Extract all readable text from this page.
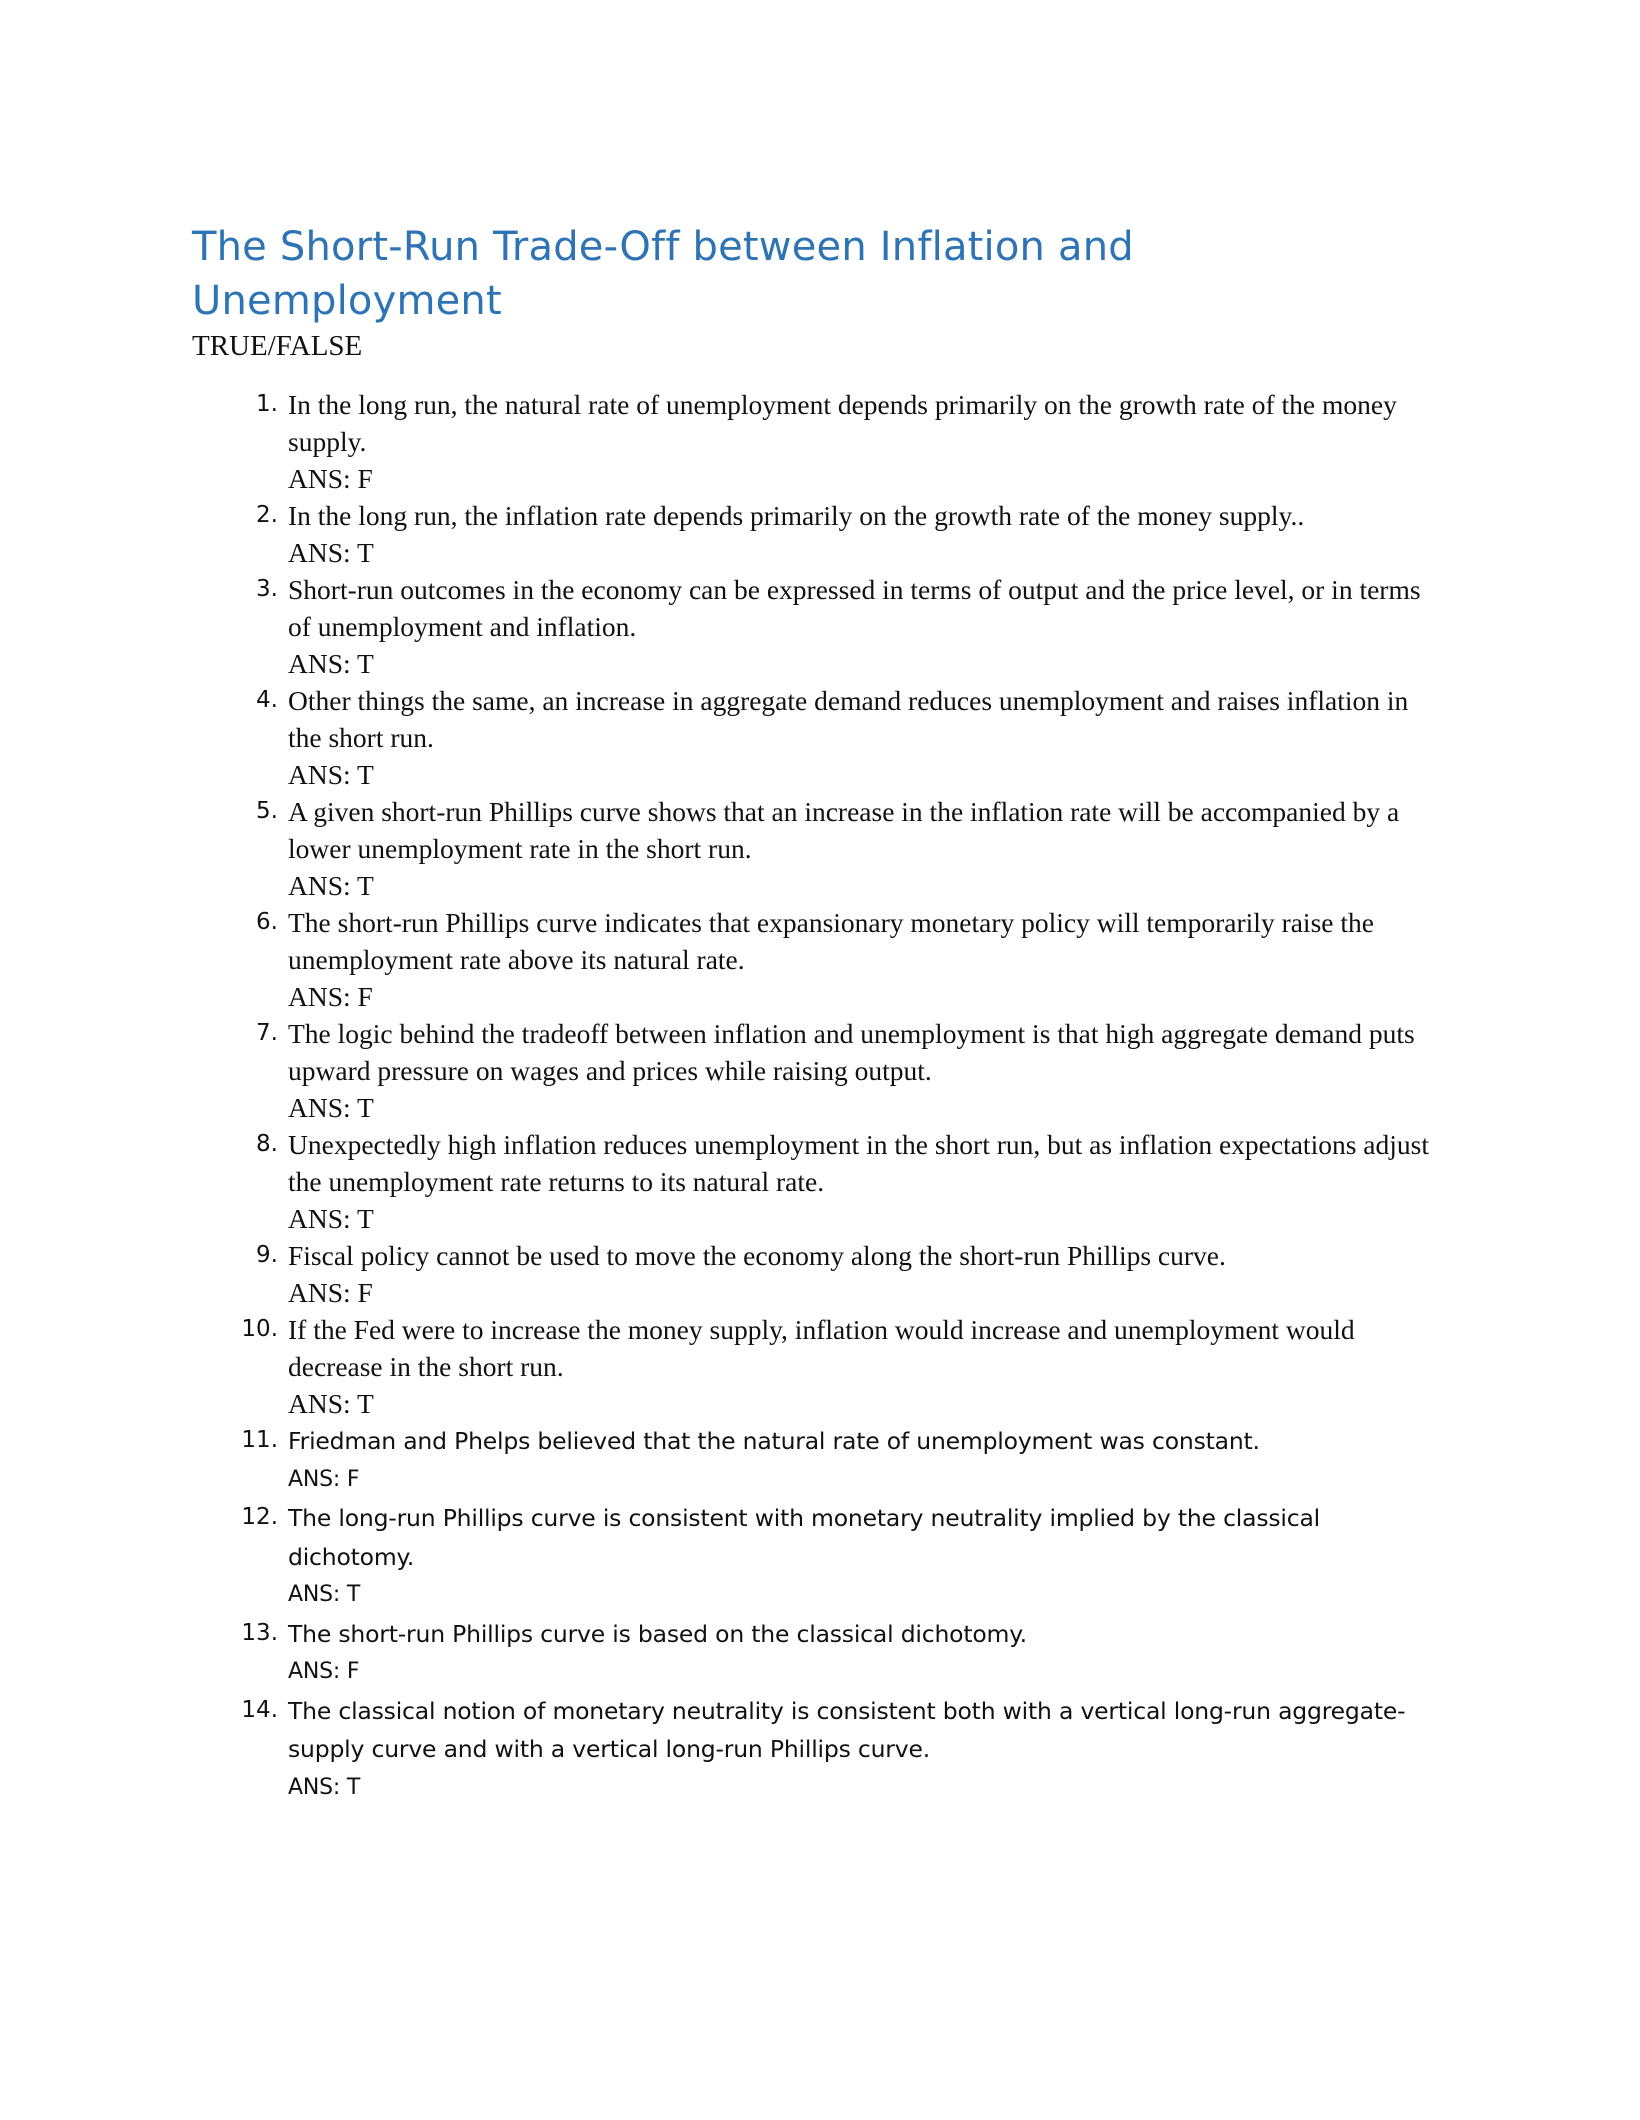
The Short-Run Trade-Off between Inflation and Unemployment
TRUE/FALSE
1. In the long run, the natural rate of unemployment depends primarily on the growth rate of the money supply.
ANS: F
2. In the long run, the inflation rate depends primarily on the growth rate of the money supply..
ANS: T
3. Short-run outcomes in the economy can be expressed in terms of output and the price level, or in terms of unemployment and inflation.
ANS: T
4. Other things the same, an increase in aggregate demand reduces unemployment and raises inflation in the short run.
ANS: T
5. A given short-run Phillips curve shows that an increase in the inflation rate will be accompanied by a lower unemployment rate in the short run.
ANS: T
6. The short-run Phillips curve indicates that expansionary monetary policy will temporarily raise the unemployment rate above its natural rate.
ANS: F
7. The logic behind the tradeoff between inflation and unemployment is that high aggregate demand puts upward pressure on wages and prices while raising output.
ANS: T
8. Unexpectedly high inflation reduces unemployment in the short run, but as inflation expectations adjust the unemployment rate returns to its natural rate.
ANS: T
9. Fiscal policy cannot be used to move the economy along the short-run Phillips curve.
ANS: F
10. If the Fed were to increase the money supply, inflation would increase and unemployment would decrease in the short run.
ANS: T
11. Friedman and Phelps believed that the natural rate of unemployment was constant.
ANS: F
12. The long-run Phillips curve is consistent with monetary neutrality implied by the classical dichotomy.
ANS: T
13. The short-run Phillips curve is based on the classical dichotomy.
ANS: F
14. The classical notion of monetary neutrality is consistent both with a vertical long-run aggregate-supply curve and with a vertical long-run Phillips curve.
ANS: T
